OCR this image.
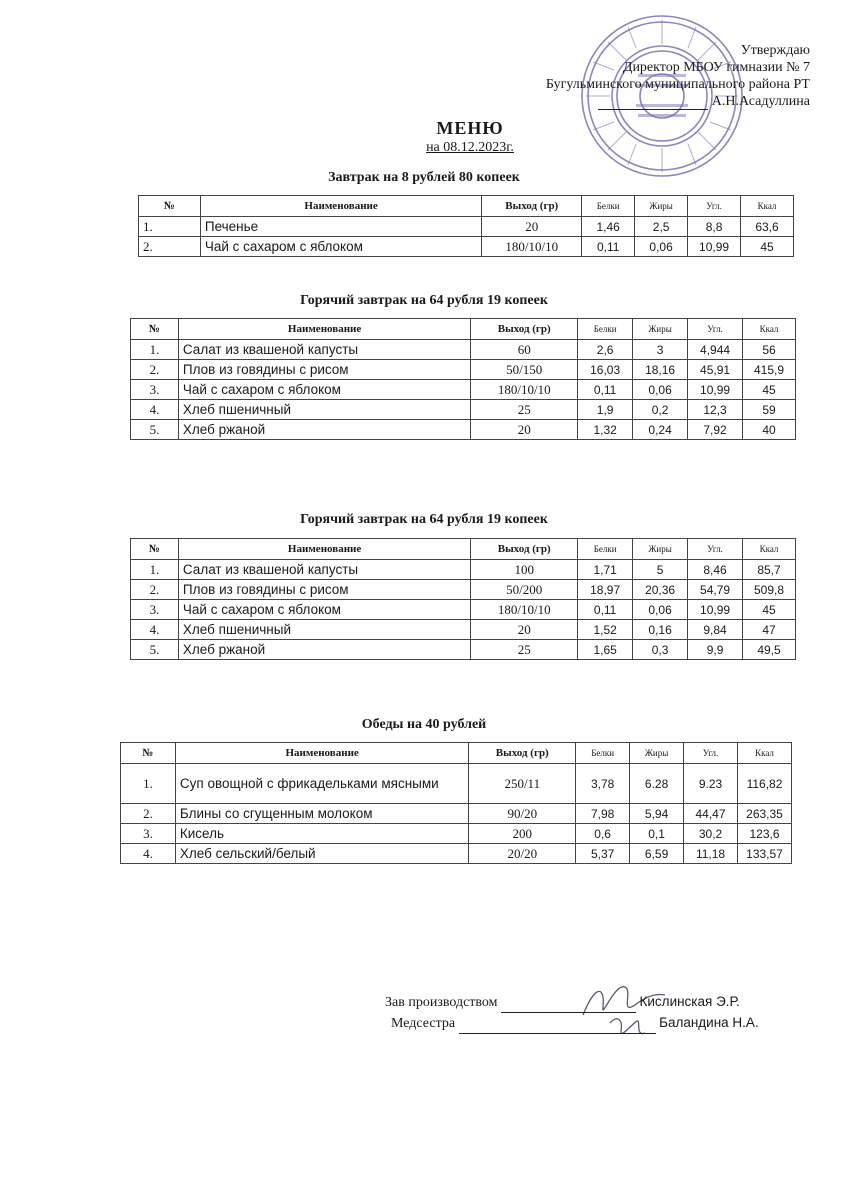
Утверждаю
Директор МБОУ гимназии № 7
Бугульминского муниципального района РТ
А.Н.Асадуллина
МЕНЮ
на 08.12.2023г.
Завтрак на 8 рублей 80 копеек
№	Наименование	Выход (гр)	Белки	Жиры	Угл.	Ккал
1.	Печенье	20	1,46	2,5	8,8	63,6
2.	Чай с сахаром с яблоком	180/10/10	0,11	0,06	10,99	45
Горячий завтрак на 64 рубля 19 копеек
№	Наименование	Выход (гр)	Белки	Жиры	Угл.	Ккал
1.	Салат из квашеной капусты	60	2,6	3	4,944	56
2.	Плов из говядины с рисом	50/150	16,03	18,16	45,91	415,9
3.	Чай с сахаром с яблоком	180/10/10	0,11	0,06	10,99	45
4.	Хлеб пшеничный	25	1,9	0,2	12,3	59
5.	Хлеб ржаной	20	1,32	0,24	7,92	40
Горячий завтрак на 64 рубля 19 копеек
№	Наименование	Выход (гр)	Белки	Жиры	Угл.	Ккал
1.	Салат из квашеной капусты	100	1,71	5	8,46	85,7
2.	Плов из говядины с рисом	50/200	18,97	20,36	54,79	509,8
3.	Чай с сахаром с яблоком	180/10/10	0,11	0,06	10,99	45
4.	Хлеб пшеничный	20	1,52	0,16	9,84	47
5.	Хлеб ржаной	25	1,65	0,3	9,9	49,5
Обеды на 40 рублей
№	Наименование	Выход (гр)	Белки	Жиры	Угл.	Ккал
1.	Суп овощной с фрикадельками мясными	250/11	3,78	6.28	9.23	116,82
2.	Блины со сгущенным молоком	90/20	7,98	5,94	44,47	263,35
3.	Кисель	200	0,6	0,1	30,2	123,6
4.	Хлеб сельский/белый	20/20	5,37	6,59	11,18	133,57
Зав производством	Кислинская Э.Р.
Медсестра	Баландина Н.А.
